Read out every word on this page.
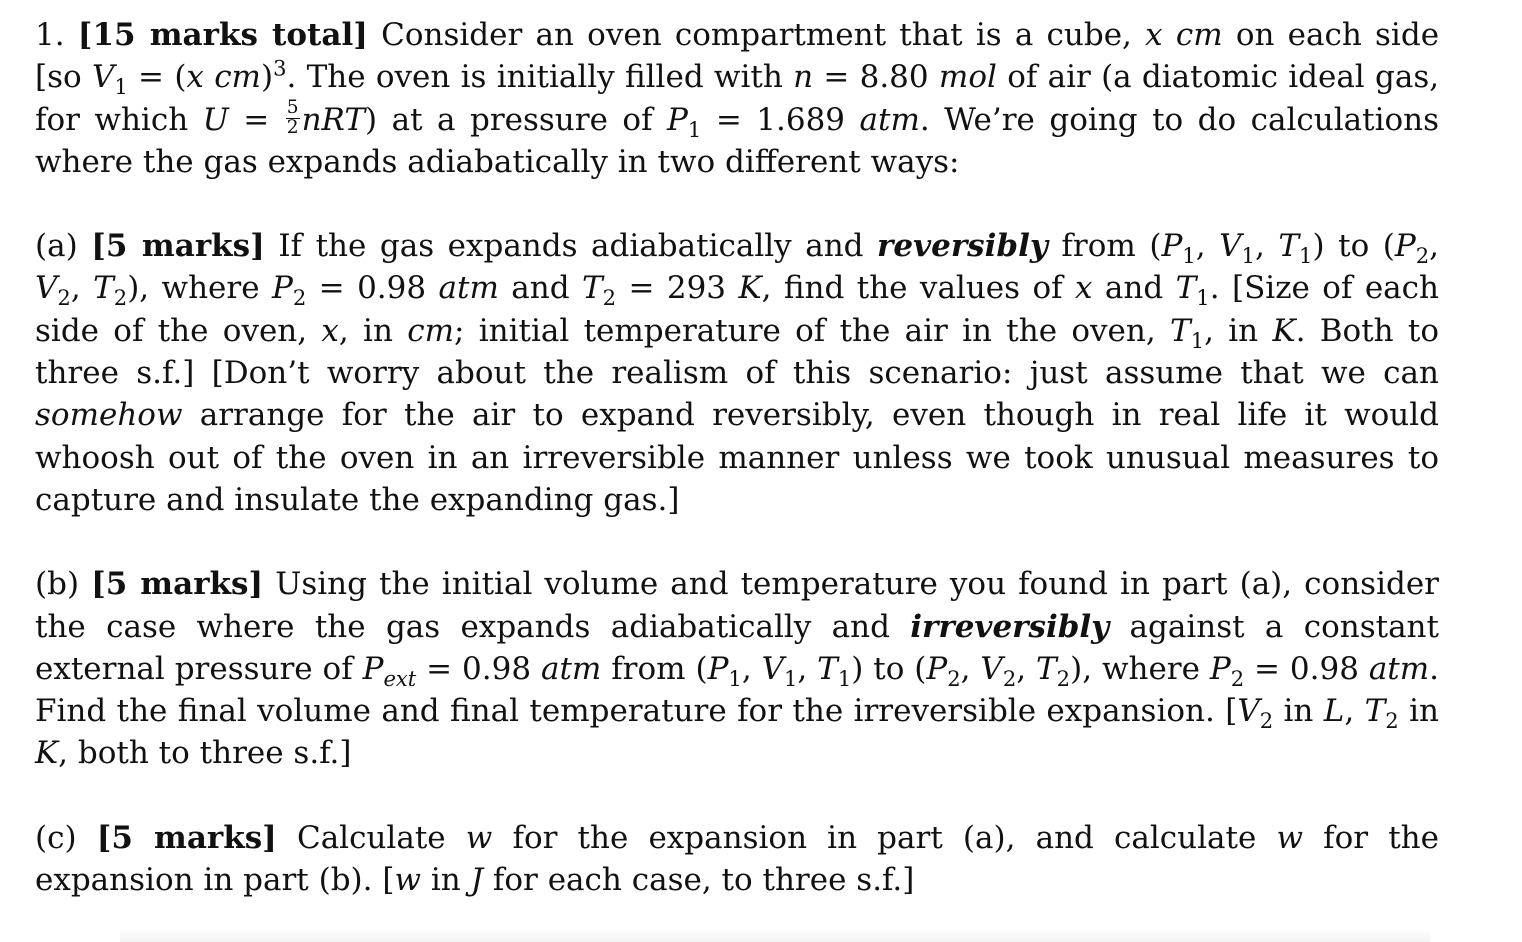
1. [15 marks total] Consider an oven compartment that is a cube, x cm on each side [so $V_1 = (x$ cm)$^3$. The oven is initially filled with n = 8.80 mol of air (a diatomic ideal gas, for which $U = \frac{5}{2} nRT$) at a pressure of $P_1 = 1.689$ atm. We’re going to do calculations where the gas expands adiabatically in two different ways:

(a) [5 marks] If the gas expands adiabatically and reversibly from ($P_1$, $V_1$, $T_1$) to ($P_2$, $V_2$, $T_2$), where $P_2 = 0.98$ atm and $T_2 = 293$ K, find the values of x and $T_1$. [Size of each side of the oven, x, in cm; initial temperature of the air in the oven, $T_1$, in K. Both to three s.f.] [Don’t worry about the realism of this scenario: just assume that we can somehow arrange for the air to expand reversibly, even though in real life it would whoosh out of the oven in an irreversible manner unless we took unusual measures to capture and insulate the expanding gas.]

(b) [5 marks] Using the initial volume and temperature you found in part (a), consider the case where the gas expands adiabatically and irreversibly against a constant external pressure of $P_{ext} = 0.98$ atm from ($P_1$, $V_1$, $T_1$) to ($P_2$, $V_2$, $T_2$), where $P_2 = 0.98$ atm. Find the final volume and final temperature for the irreversible expansion. [$V_2$ in L, $T_2$ in K, both to three s.f.]

(c) [5 marks] Calculate w for the expansion in part (a), and calculate w for the expansion in part (b). [w in J for each case, to three s.f.]
